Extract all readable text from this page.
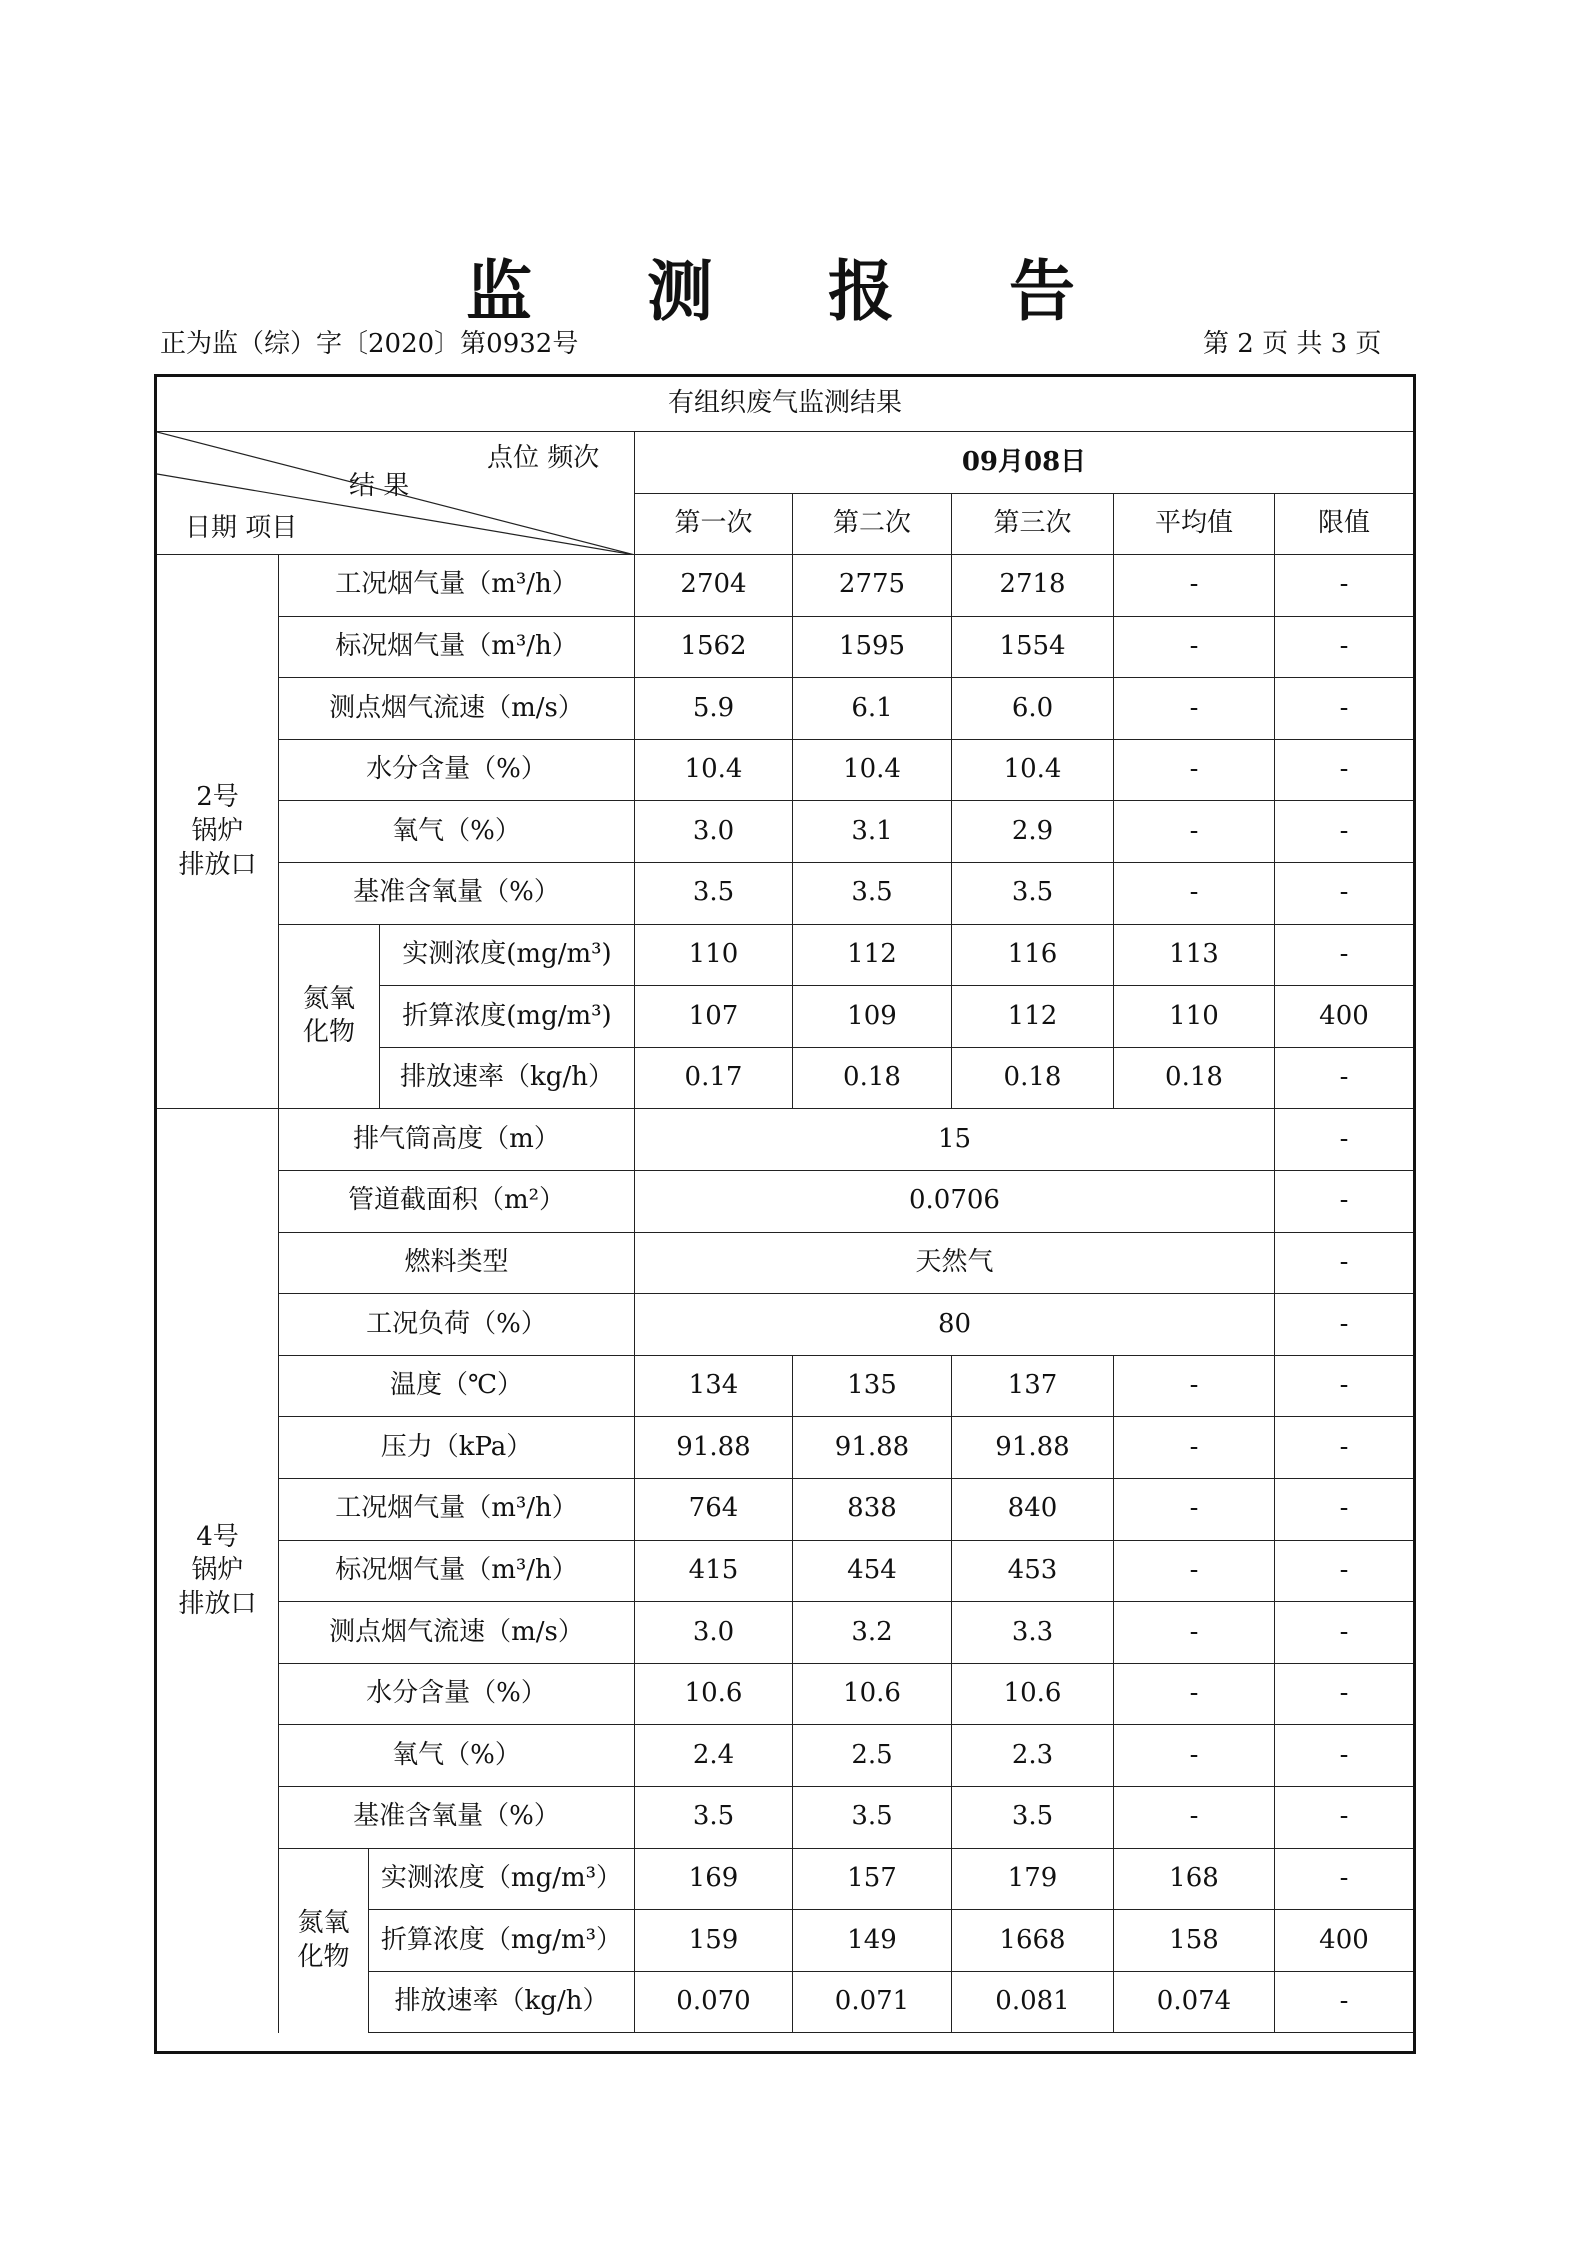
监 测 报 告
正为监（综）字〔2020〕第0932号	第 2 页 共 3 页
有组织废气监测结果
点位 频次
结 果
日期 项目
09月08日
第一次	第二次	第三次	平均值	限值
2号
锅炉
排放口
工况烟气量（m³/h）	2704	2775	2718	-	-
标况烟气量（m³/h）	1562	1595	1554	-	-
测点烟气流速（m/s）	5.9	6.1	6.0	-	-
水分含量（%）	10.4	10.4	10.4	-	-
氧气（%）	3.0	3.1	2.9	-	-
基准含氧量（%）	3.5	3.5	3.5	-	-
氮氧
化物
实测浓度(mg/m³)	110	112	116	113	-
折算浓度(mg/m³)	107	109	112	110	400
排放速率（kg/h）	0.17	0.18	0.18	0.18	-
4号
锅炉
排放口
排气筒高度（m）	15	-
管道截面积（m²）	0.0706	-
燃料类型	天然气	-
工况负荷（%）	80	-
温度（℃）	134	135	137	-	-
压力（kPa）	91.88	91.88	91.88	-	-
工况烟气量（m³/h）	764	838	840	-	-
标况烟气量（m³/h）	415	454	453	-	-
测点烟气流速（m/s）	3.0	3.2	3.3	-	-
水分含量（%）	10.6	10.6	10.6	-	-
氧气（%）	2.4	2.5	2.3	-	-
基准含氧量（%）	3.5	3.5	3.5	-	-
氮氧
化物
实测浓度（mg/m³）	169	157	179	168	-
折算浓度（mg/m³）	159	149	1668	158	400
排放速率（kg/h）	0.070	0.071	0.081	0.074	-
